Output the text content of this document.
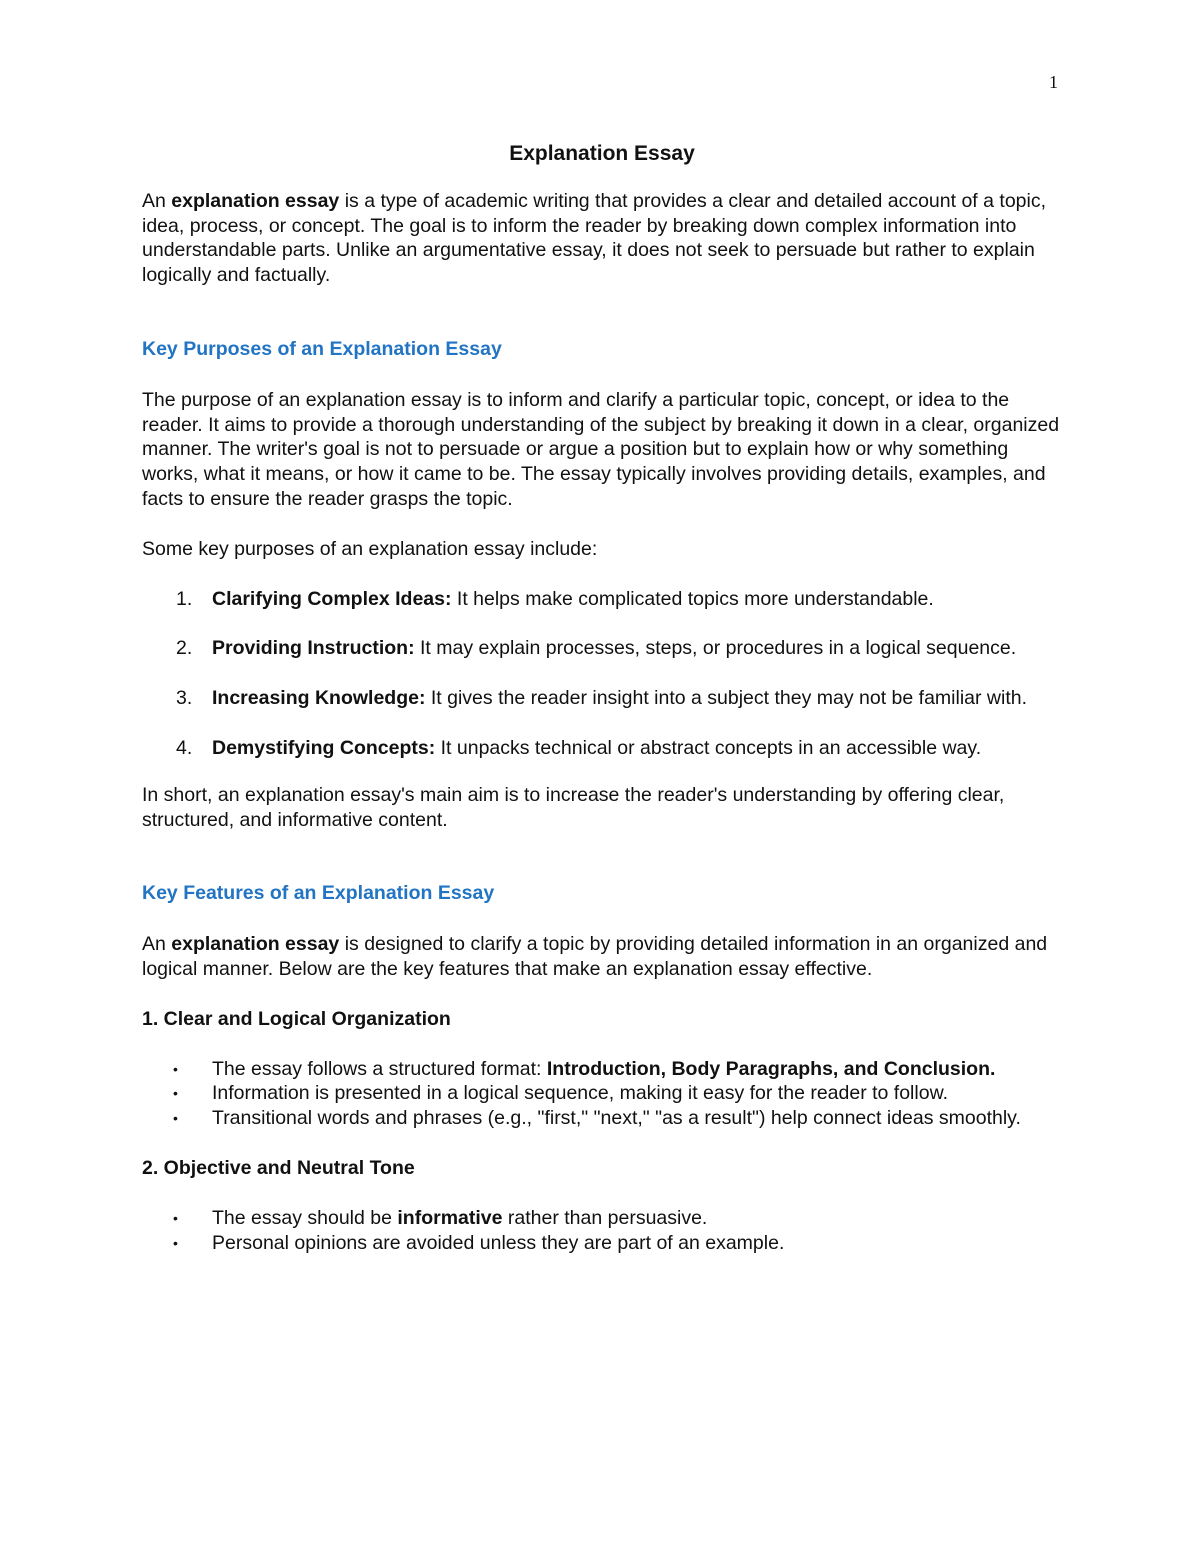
1
Explanation Essay

An explanation essay is a type of academic writing that provides a clear and detailed account of a topic, idea, process, or concept. The goal is to inform the reader by breaking down complex information into understandable parts. Unlike an argumentative essay, it does not seek to persuade but rather to explain logically and factually.

Key Purposes of an Explanation Essay

The purpose of an explanation essay is to inform and clarify a particular topic, concept, or idea to the reader. It aims to provide a thorough understanding of the subject by breaking it down in a clear, organized manner. The writer's goal is not to persuade or argue a position but to explain how or why something works, what it means, or how it came to be. The essay typically involves providing details, examples, and facts to ensure the reader grasps the topic.

Some key purposes of an explanation essay include:

1. Clarifying Complex Ideas: It helps make complicated topics more understandable.
2. Providing Instruction: It may explain processes, steps, or procedures in a logical sequence.
3. Increasing Knowledge: It gives the reader insight into a subject they may not be familiar with.
4. Demystifying Concepts: It unpacks technical or abstract concepts in an accessible way.

In short, an explanation essay's main aim is to increase the reader's understanding by offering clear, structured, and informative content.

Key Features of an Explanation Essay

An explanation essay is designed to clarify a topic by providing detailed information in an organized and logical manner. Below are the key features that make an explanation essay effective.

1. Clear and Logical Organization

• The essay follows a structured format: Introduction, Body Paragraphs, and Conclusion.
• Information is presented in a logical sequence, making it easy for the reader to follow.
• Transitional words and phrases (e.g., "first," "next," "as a result") help connect ideas smoothly.

2. Objective and Neutral Tone

• The essay should be informative rather than persuasive.
• Personal opinions are avoided unless they are part of an example.
